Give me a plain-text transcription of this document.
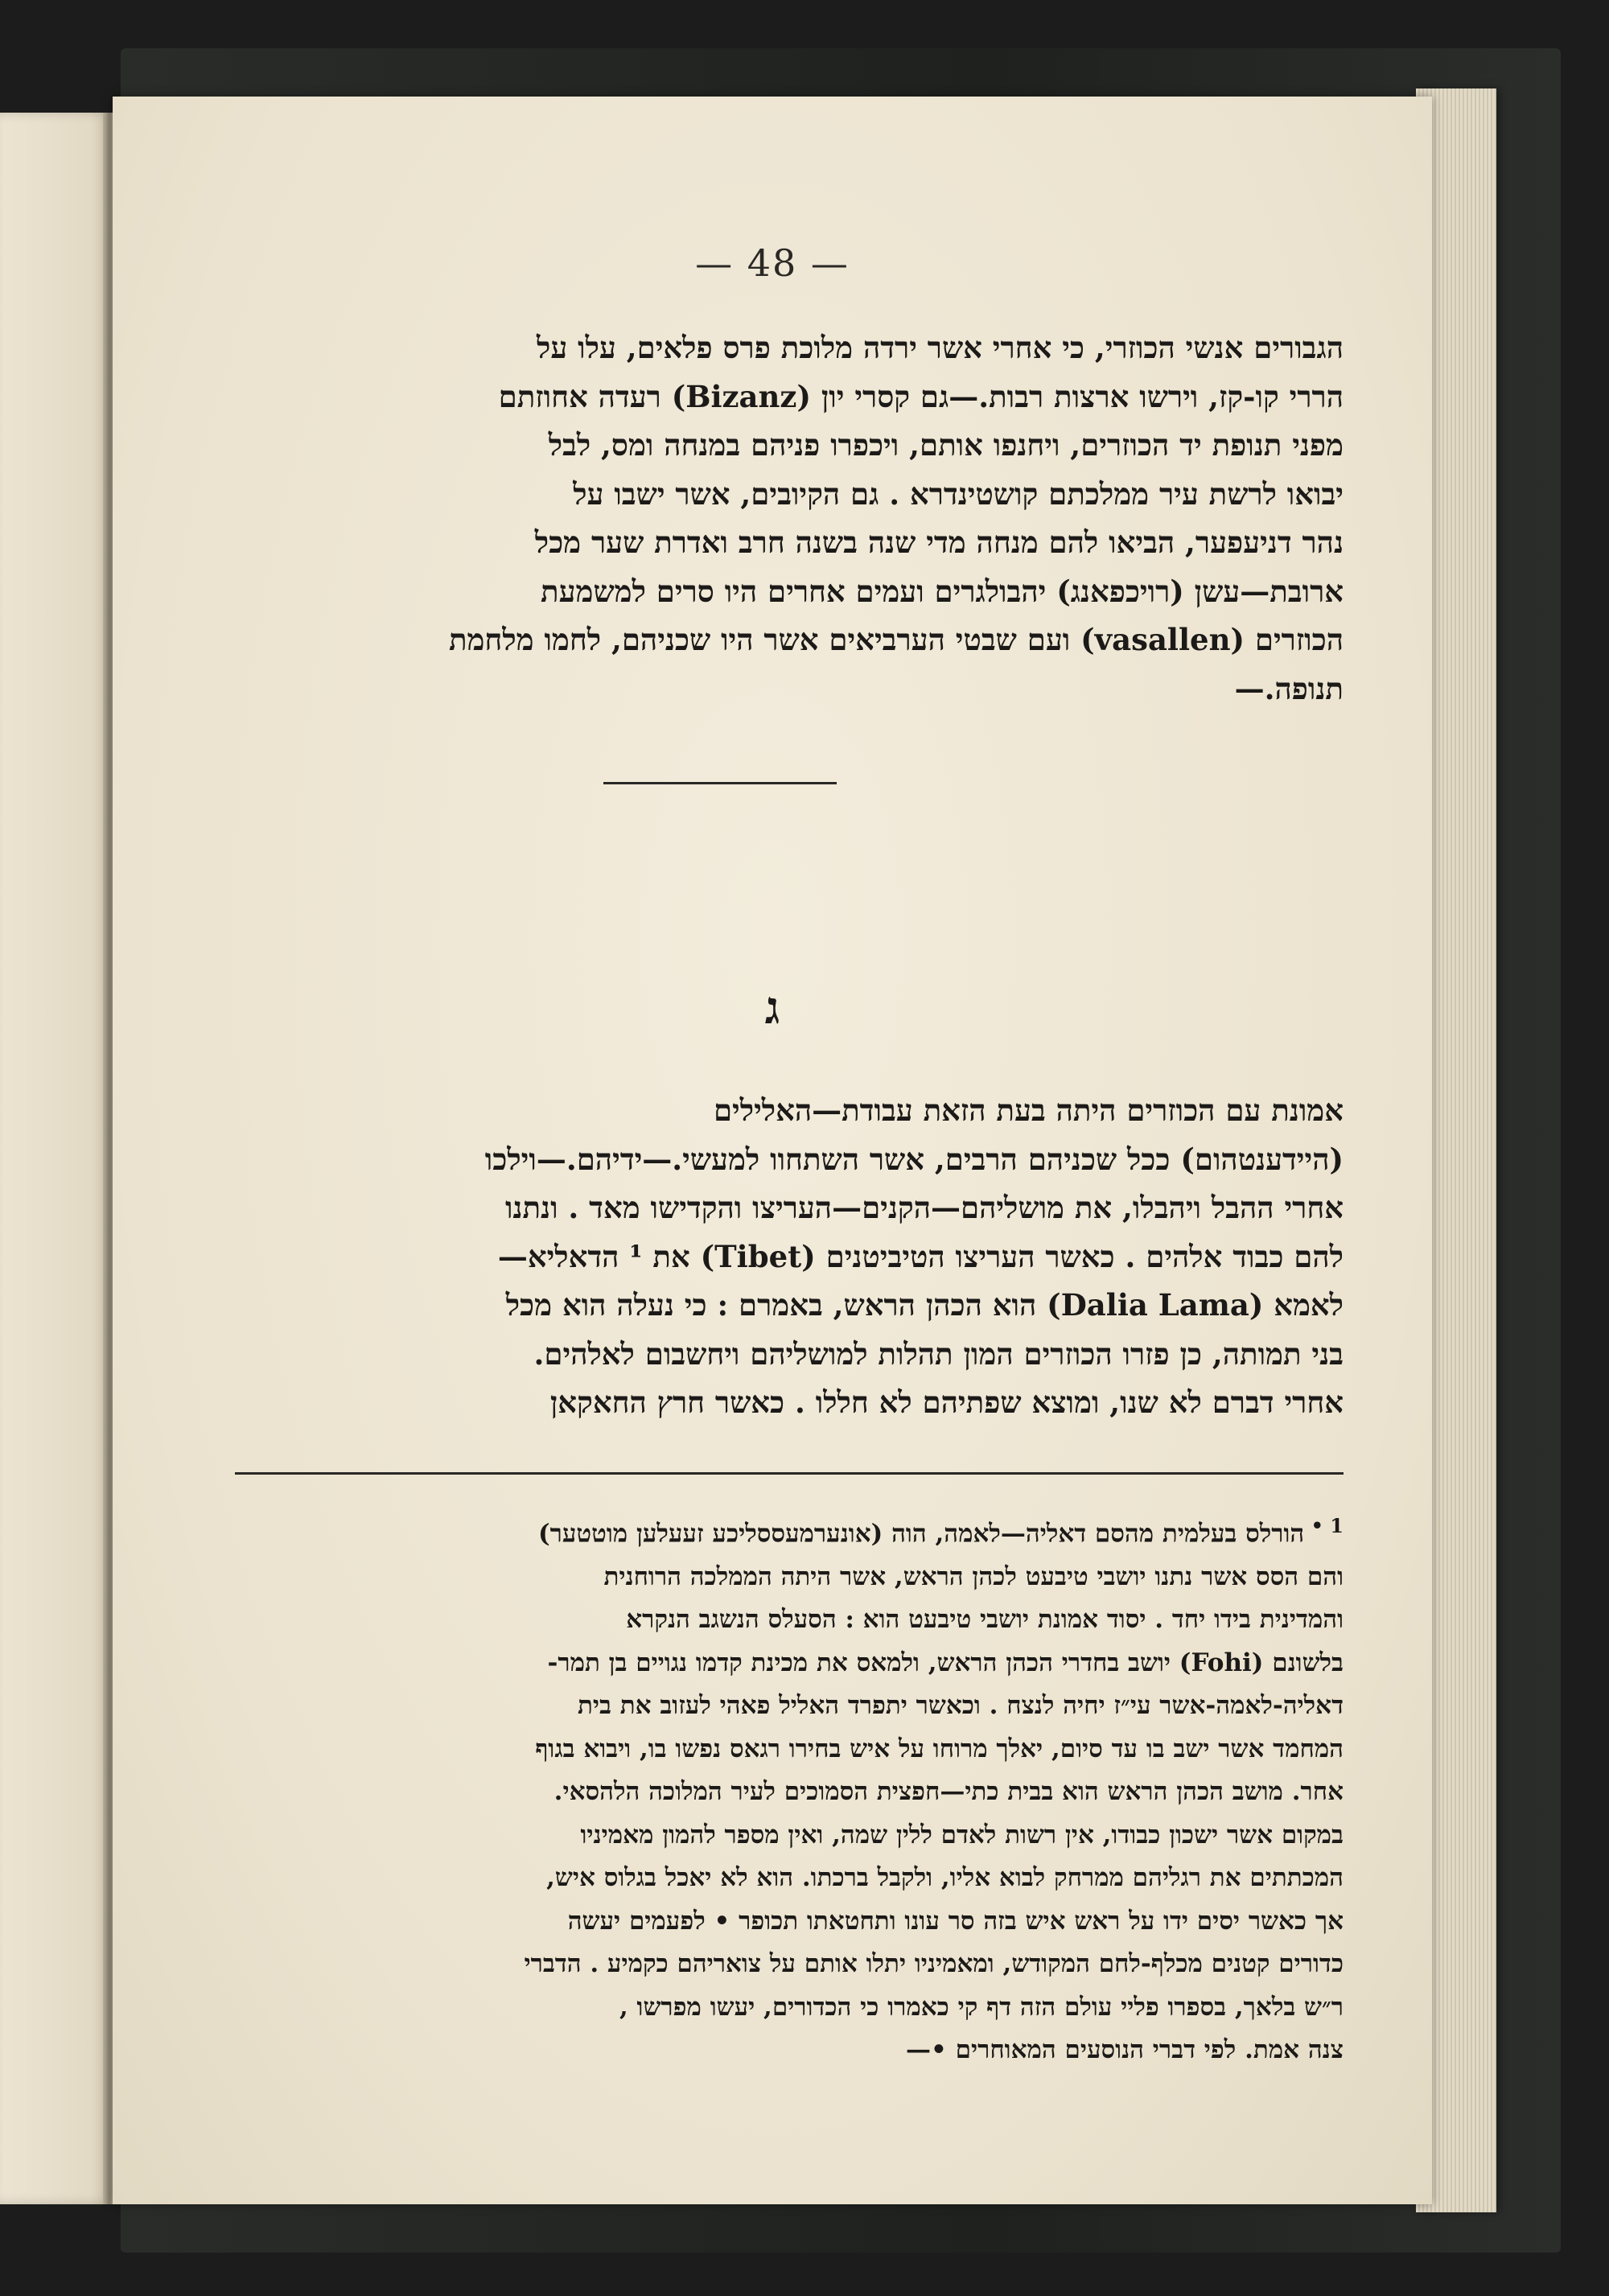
— 48 —
הגבורים אנשי הכוזרי, כי אחרי אשר ירדה מלוכת פרס פלאים, עלו על
הררי קו-קז, וירשו ארצות רבות.—גם קסרי יון (Bizanz) רעדה אחוזתם
מפני תנופת יד הכוזרים, ויחנפו אותם, ויכפרו פניהם במנחה ומס, לבל
יבואו לרשת עיר ממלכתם קושטינדרא . גם הקיובים, אשר ישבו על
נהר דניעפער, הביאו להם מנחה מדי שנה בשנה חרב ואדרת שער מכל
ארובת—עשן (רויכפאנג) יהבולגרים ועמים אחרים היו סרים למשמעת
הכוזרים (vasallen) ועם שבטי הערביאים אשר היו שכניהם, לחמו מלחמת
תנופה.—
ג
אמונת עם הכוזרים היתה בעת הזאת עבודת—האלילים
(היידענטהום) ככל שכניהם הרבים, אשר השתחוו למעשי.—ידיהם.—וילכו
אחרי ההבל ויהבלו, את מושליהם—הקנים—העריצו והקדישו מאד . ונתנו
להם כבוד אלהים . כאשר העריצו הטיביטנים (Tibet) את ¹ הדאליא—
לאמא (Dalia Lama) הוא הכהן הראש, באמרם : כי נעלה הוא מכל
בני תמותה, כן פזרו הכוזרים המון תהלות למושליהם ויחשבום לאלהים.
אחרי דברם לא שנו, ומוצא שפתיהם לא חללו . כאשר חרץ החאקאן
$^{1 •}$ הורלס בעלמית מהסם דאליה—לאמה, הוה (אונערמעססליכע זעעלען מוטטער)
והם הסס אשר נתנו יושבי טיבעט לכהן הראש, אשר היתה הממלכה הרוחנית
והמדינית בידו יחד . יסוד אמונת יושבי טיבעט הוא : הסעלס הנשגב הנקרא
בלשונם (Fohi) יושב בחדרי הכהן הראש, ולמאס את מכינת קדמו נגויים בן תמר-
דאליה-לאמה-אשר עי״ז יחיה לנצח . וכאשר יתפרד האליל פאהי לעזוב את בית
המחמד אשר ישב בו עד סיום, יאלך מרוחו על איש בחירו רגאס נפשו בו, ויבוא בגוף
אחר. מושב הכהן הראש הוא בבית כתי—חפצית הסמוכים לעיר המלוכה הלהסאי.
במקום אשר ישכון כבודו, אין רשות לאדם ללין שמה, ואין מספר להמון מאמיניו
המכתתים את רגליהם ממרחק לבוא אליו, ולקבל ברכתו. הוא לא יאכל בגלוס איש,
אך כאשר יסים ידו על ראש איש בזה סר עונו ותחטאתו תכופר • לפעמים יעשה
כדורים קטנים מכלף-לחם המקודש, ומאמיניו יתלו אותם על צואריהם כקמיע . הדברי
ר״ש בלאך, בספרו פליי עולם הזה דף קי כאמרו כי הכדורים, יעשו מפרשו ,
צנה אמת. לפי דברי הנוסעים המאוחרים •—
